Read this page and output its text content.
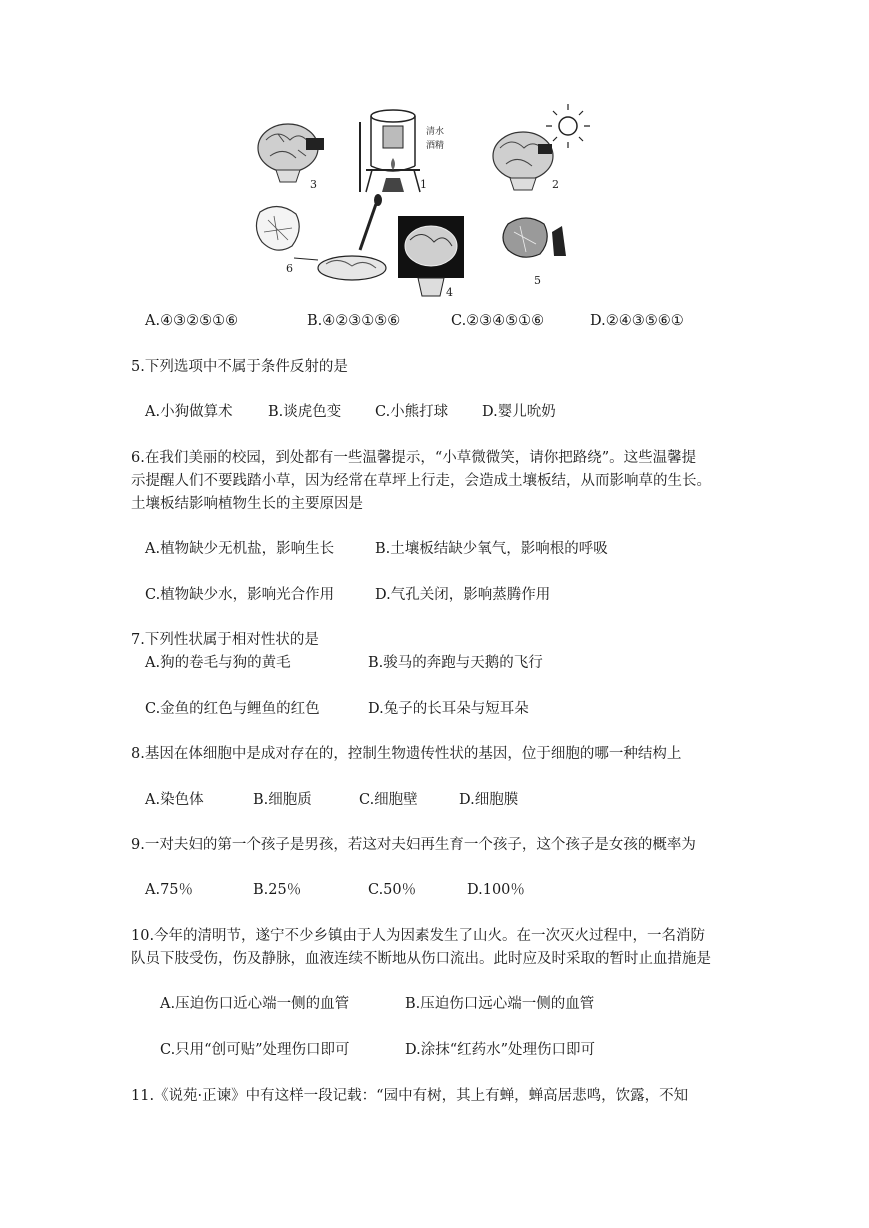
3
清水
酒精
1	2
6
4
5
A.④③②⑤①⑥	B.④②③①⑤⑥	C.②③④⑤①⑥	D.②④③⑤⑥①
5.下列选项中不属于条件反射的是
A.小狗做算术 B.谈虎色变 C.小熊打球 D.婴儿吮奶
6.在我们美丽的校园，到处都有一些温馨提示，“小草微微笑，请你把路绕”。这些温馨提
示提醒人们不要践踏小草，因为经常在草坪上行走，会造成土壤板结，从而影响草的生长。
土壤板结影响植物生长的主要原因是
A.植物缺少无机盐，影响生长	B.土壤板结缺少氧气，影响根的呼吸
C.植物缺少水，影响光合作用	D.气孔关闭，影响蒸腾作用
7.下列性状属于相对性状的是
A.狗的卷毛与狗的黄毛	B.骏马的奔跑与天鹅的飞行
C.金鱼的红色与鲤鱼的红色	D.兔子的长耳朵与短耳朵
8.基因在体细胞中是成对存在的，控制生物遗传性状的基因，位于细胞的哪一种结构上
A.染色体	B.细胞质	C.细胞壁	D.细胞膜
9.一对夫妇的第一个孩子是男孩，若这对夫妇再生育一个孩子，这个孩子是女孩的概率为
A.75％	B.25％	C.50％	D.100％
10.今年的清明节，遂宁不少乡镇由于人为因素发生了山火。在一次灭火过程中，一名消防
队员下肢受伤，伤及静脉，血液连续不断地从伤口流出。此时应及时采取的暂时止血措施是
A.压迫伤口近心端一侧的血管	B.压迫伤口远心端一侧的血管
C.只用“创可贴”处理伤口即可	D.涂抹“红药水”处理伤口即可
11.《说苑·正谏》中有这样一段记载：“园中有树，其上有蝉，蝉高居悲鸣，饮露，不知
